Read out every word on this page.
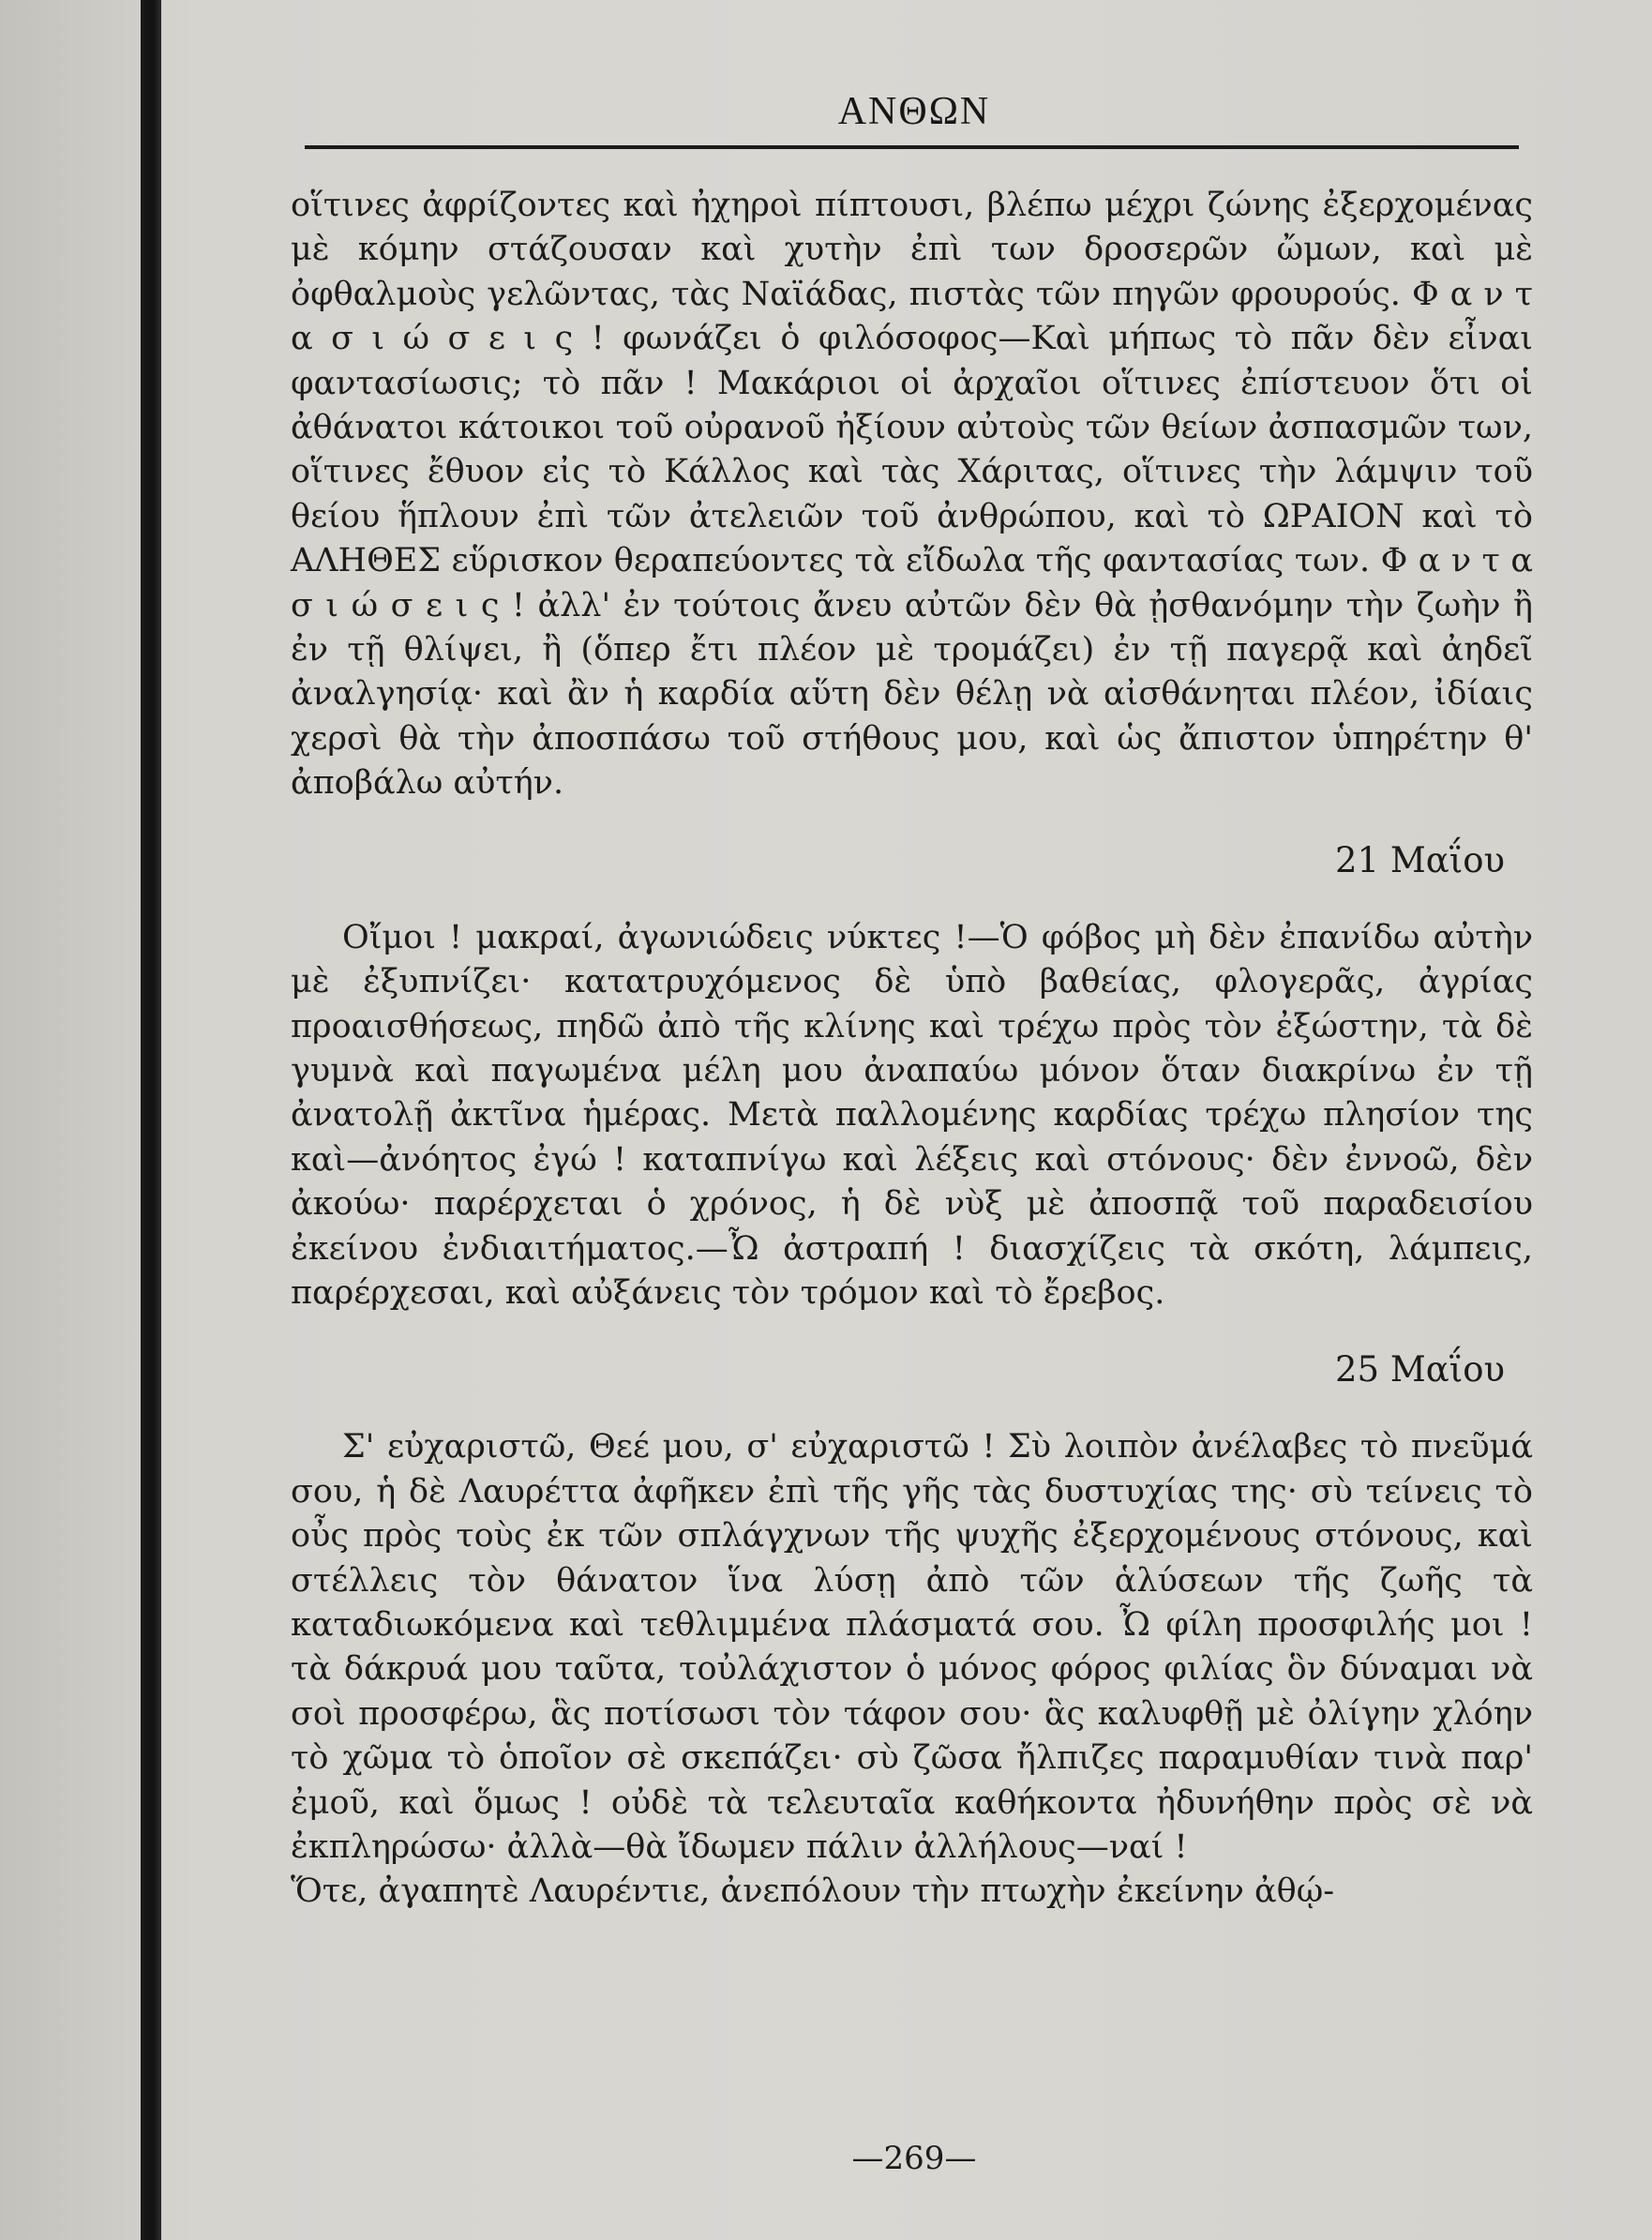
ΑΝΘΩΝ

οἵτινες ἀφρίζοντες καὶ ἠχηροὶ πίπτουσι, βλέπω μέχρι ζώνης ἐξερχομένας μὲ κόμην στάζουσαν καὶ χυτὴν ἐπὶ των δροσερῶν ὤμων, καὶ μὲ ὀφθαλμοὺς γελῶντας, τὰς Ναϊάδας, πιστὰς τῶν πηγῶν φρουρούς. Φ α ν τ α σ ι ώ σ ε ι ς ! φωνάζει ὁ φιλόσοφος—Καὶ μήπως τὸ πᾶν δὲν εἶναι φαντασίωσις; τὸ πᾶν ! Μακάριοι οἱ ἀρχαῖοι οἵτινες ἐπίστευον ὅτι οἱ ἀθάνατοι κάτοικοι τοῦ οὐρανοῦ ἠξίουν αὐτοὺς τῶν θείων ἀσπασμῶν των, οἵτινες ἔθυον εἰς τὸ Κάλλος καὶ τὰς Χάριτας, οἵτινες τὴν λάμψιν τοῦ θείου ἥπλουν ἐπὶ τῶν ἀτελειῶν τοῦ ἀνθρώπου, καὶ τὸ ΩΡΑΙΟΝ καὶ τὸ ΑΛΗΘΕΣ εὕρισκον θεραπεύοντες τὰ εἴδωλα τῆς φαντασίας των. Φ α ν τ α σ ι ώ σ ε ι ς ! ἀλλ' ἐν τούτοις ἄνευ αὐτῶν δὲν θὰ ᾐσθανόμην τὴν ζωὴν ἢ ἐν τῇ θλίψει, ἢ (ὅπερ ἔτι πλέον μὲ τρομάζει) ἐν τῇ παγερᾷ καὶ ἀηδεῖ ἀναλγησίᾳ· καὶ ἂν ἡ καρδία αὕτη δὲν θέλῃ νὰ αἰσθάνηται πλέον, ἰδίαις χερσὶ θὰ τὴν ἀποσπάσω τοῦ στήθους μου, καὶ ὡς ἄπιστον ὑπηρέτην θ' ἀποβάλω αὐτήν.

21 Μαΐου

Οἴμοι ! μακραί, ἀγωνιώδεις νύκτες !—Ὁ φόβος μὴ δὲν ἐπανίδω αὐτὴν μὲ ἐξυπνίζει· κατατρυχόμενος δὲ ὑπὸ βαθείας, φλογερᾶς, ἀγρίας προαισθήσεως, πηδῶ ἀπὸ τῆς κλίνης καὶ τρέχω πρὸς τὸν ἐξώστην, τὰ δὲ γυμνὰ καὶ παγωμένα μέλη μου ἀναπαύω μόνον ὅταν διακρίνω ἐν τῇ ἀνατολῇ ἀκτῖνα ἡμέρας. Μετὰ παλλομένης καρδίας τρέχω πλησίον της καὶ—ἀνόητος ἐγώ ! καταπνίγω καὶ λέξεις καὶ στόνους· δὲν ἐννοῶ, δὲν ἀκούω· παρέρχεται ὁ χρόνος, ἡ δὲ νὺξ μὲ ἀποσπᾷ τοῦ παραδεισίου ἐκείνου ἐνδιαιτήματος.—Ὦ ἀστραπή ! διασχίζεις τὰ σκότη, λάμπεις, παρέρχεσαι, καὶ αὐξάνεις τὸν τρόμον καὶ τὸ ἔρεβος.

25 Μαΐου

Σ' εὐχαριστῶ, Θεέ μου, σ' εὐχαριστῶ ! Σὺ λοιπὸν ἀνέλαβες τὸ πνεῦμά σου, ἡ δὲ Λαυρέττα ἀφῆκεν ἐπὶ τῆς γῆς τὰς δυστυχίας της· σὺ τείνεις τὸ οὖς πρὸς τοὺς ἐκ τῶν σπλάγχνων τῆς ψυχῆς ἐξερχομένους στόνους, καὶ στέλλεις τὸν θάνατον ἵνα λύσῃ ἀπὸ τῶν ἁλύσεων τῆς ζωῆς τὰ καταδιωκόμενα καὶ τεθλιμμένα πλάσματά σου. Ὦ φίλη προσφιλής μοι ! τὰ δάκρυά μου ταῦτα, τοὐλάχιστον ὁ μόνος φόρος φιλίας ὃν δύναμαι νὰ σοὶ προσφέρω, ἃς ποτίσωσι τὸν τάφον σου· ἃς καλυφθῇ μὲ ὀλίγην χλόην τὸ χῶμα τὸ ὁποῖον σὲ σκεπάζει· σὺ ζῶσα ἤλπιζες παραμυθίαν τινὰ παρ' ἐμοῦ, καὶ ὅμως ! οὐδὲ τὰ τελευταῖα καθήκοντα ἠδυνήθην πρὸς σὲ νὰ ἐκπληρώσω· ἀλλὰ—θὰ ἴδωμεν πάλιν ἀλλήλους—ναί !

Ὅτε, ἀγαπητὲ Λαυρέντιε, ἀνεπόλουν τὴν πτωχὴν ἐκείνην ἀθῴ-

—269—
